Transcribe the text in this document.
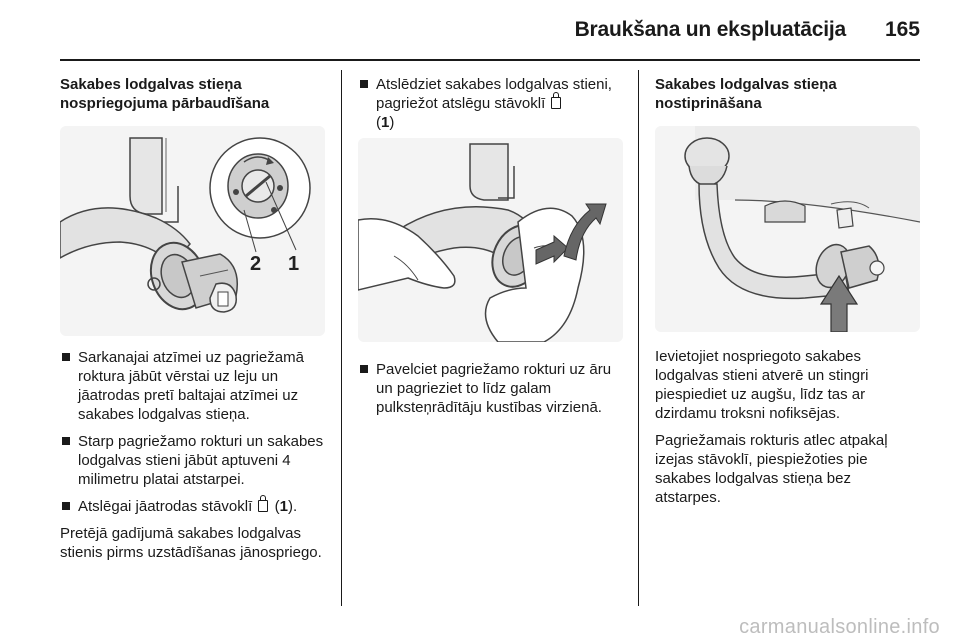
Braukšana un ekspluatācija	165

Sakabes lodgalvas stieņa nospriegojuma pārbaudīšana

2 1
Sarkanajai atzīmei uz pagriežamā roktura jābūt vērstai uz leju un jāatrodas pretī baltajai atzīmei uz sakabes lodgalvas stieņa.
Starp pagriežamo rokturi un sakabes lodgalvas stieni jābūt aptuveni 4 milimetru platai atstarpei.
Atslēgai jāatrodas stāvoklī  (1).

Pretējā gadījumā sakabes lodgalvas stienis pirms uzstādīšanas jānospriego.

Atslēdziet sakabes lodgalvas stieni, pagriežot atslēgu stāvoklī
(1)
Pavelciet pagriežamo rokturi uz āru un pagrieziet to līdz galam pulksteņrādītāju kustības virzienā.

Sakabes lodgalvas stieņa nostiprināšana

Ievietojiet nospriegoto sakabes lodgalvas stieni atverē un stingri piespiediet uz augšu, līdz tas ar dzirdamu troksni nofiksējas.

Pagriežamais rokturis atlec atpakaļ izejas stāvoklī, piespiežoties pie sakabes lodgalvas stieņa bez atstarpes.

carmanualsonline.info
